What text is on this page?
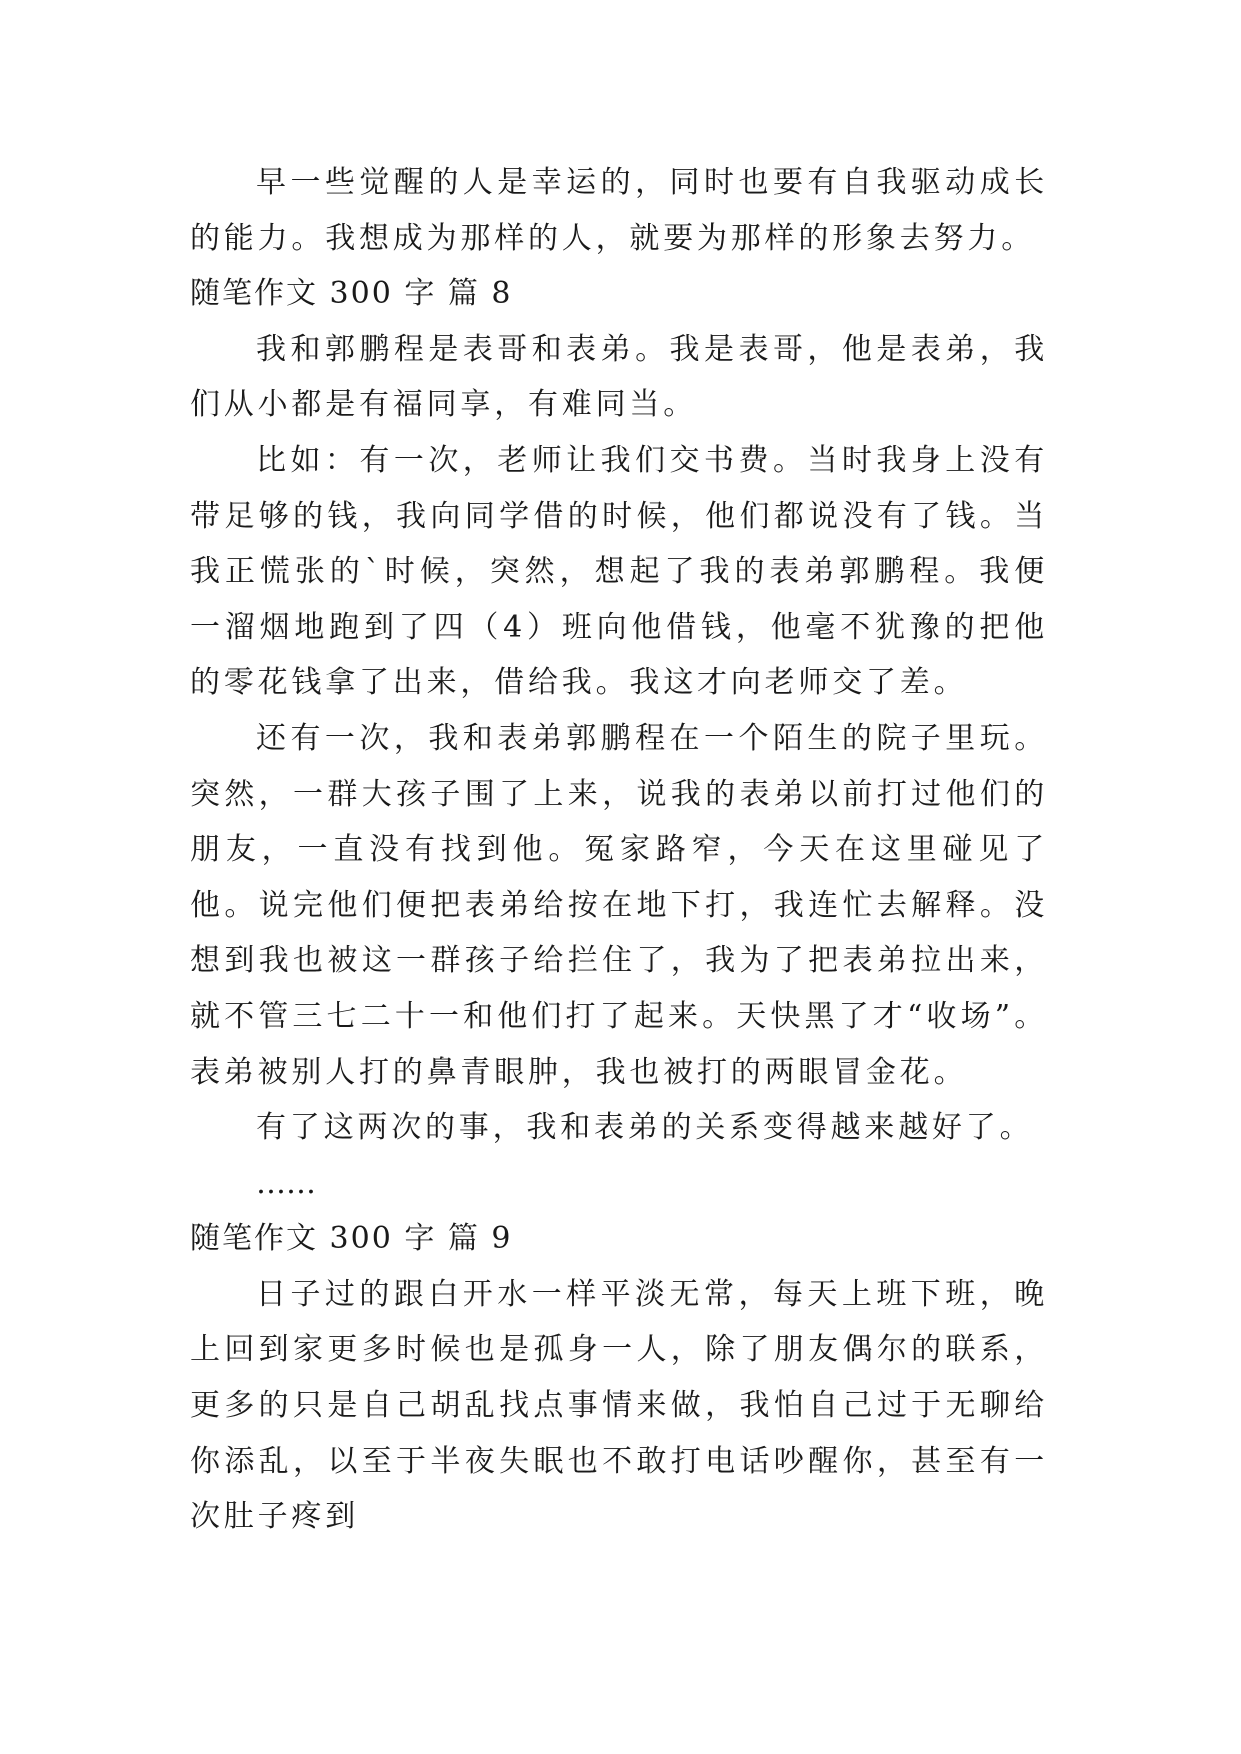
早一些觉醒的人是幸运的，同时也要有自我驱动成长的能力。我想成为那样的人，就要为那样的形象去努力。

随笔作文 300 字 篇 8

我和郭鹏程是表哥和表弟。我是表哥，他是表弟，我们从小都是有福同享，有难同当。

比如：有一次，老师让我们交书费。当时我身上没有带足够的钱，我向同学借的时候，他们都说没有了钱。当我正慌张的`时候，突然，想起了我的表弟郭鹏程。我便一溜烟地跑到了四（4）班向他借钱，他毫不犹豫的把他的零花钱拿了出来，借给我。我这才向老师交了差。

还有一次，我和表弟郭鹏程在一个陌生的院子里玩。突然，一群大孩子围了上来，说我的表弟以前打过他们的朋友，一直没有找到他。冤家路窄，今天在这里碰见了他。说完他们便把表弟给按在地下打，我连忙去解释。没想到我也被这一群孩子给拦住了，我为了把表弟拉出来，就不管三七二十一和他们打了起来。天快黑了才“收场”。表弟被别人打的鼻青眼肿，我也被打的两眼冒金花。

有了这两次的事，我和表弟的关系变得越来越好了。

……

随笔作文 300 字 篇 9

日子过的跟白开水一样平淡无常，每天上班下班，晚上回到家更多时候也是孤身一人，除了朋友偶尔的联系，更多的只是自己胡乱找点事情来做，我怕自己过于无聊给你添乱，以至于半夜失眠也不敢打电话吵醒你，甚至有一次肚子疼到
